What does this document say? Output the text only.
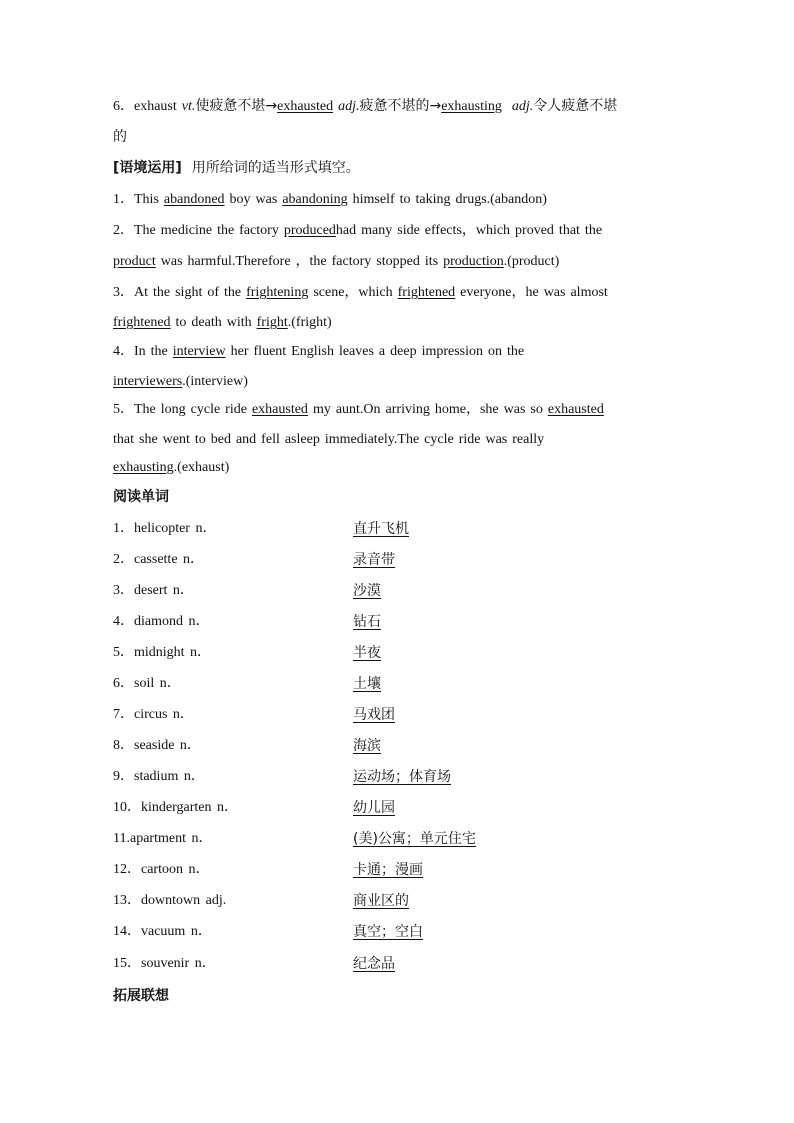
6．exhaust vt.使疲惫不堪→exhausted adj.疲惫不堪的→exhausting adj.令人疲惫不堪
的
[语境运用] 用所给词的适当形式填空。
1．This abandoned boy was abandoning himself to taking drugs.(abandon)
2．The medicine the factory producedhad many side effects，which proved that the
product was harmful.Therefore ，the factory stopped its production.(product)
3．At the sight of the frightening scene，which frightened everyone，he was almost
frightened to death with fright.(fright)
4．In the interview her fluent English leaves a deep impression on the
interviewers.(interview)
5．The long cycle ride exhausted my aunt.On arriving home，she was so exhausted
that she went to bed and fell asleep immediately.The cycle ride was really
exhausting.(exhaust)
阅读单词
1．helicopter n．	直升飞机
2．cassette n．	录音带
3．desert n．	沙漠
4．diamond n．	钻石
5．midnight n．	半夜
6．soil n．	土壤
7．circus n．	马戏团
8．seaside n．	海滨
9．stadium n．	运动场；体育场
10．kindergarten n．	幼儿园
11.apartment n．	(美)公寓；单元住宅
12．cartoon n．	卡通；漫画
13．downtown adj.	商业区的
14．vacuum n．	真空；空白
15．souvenir n．	纪念品
拓展联想
